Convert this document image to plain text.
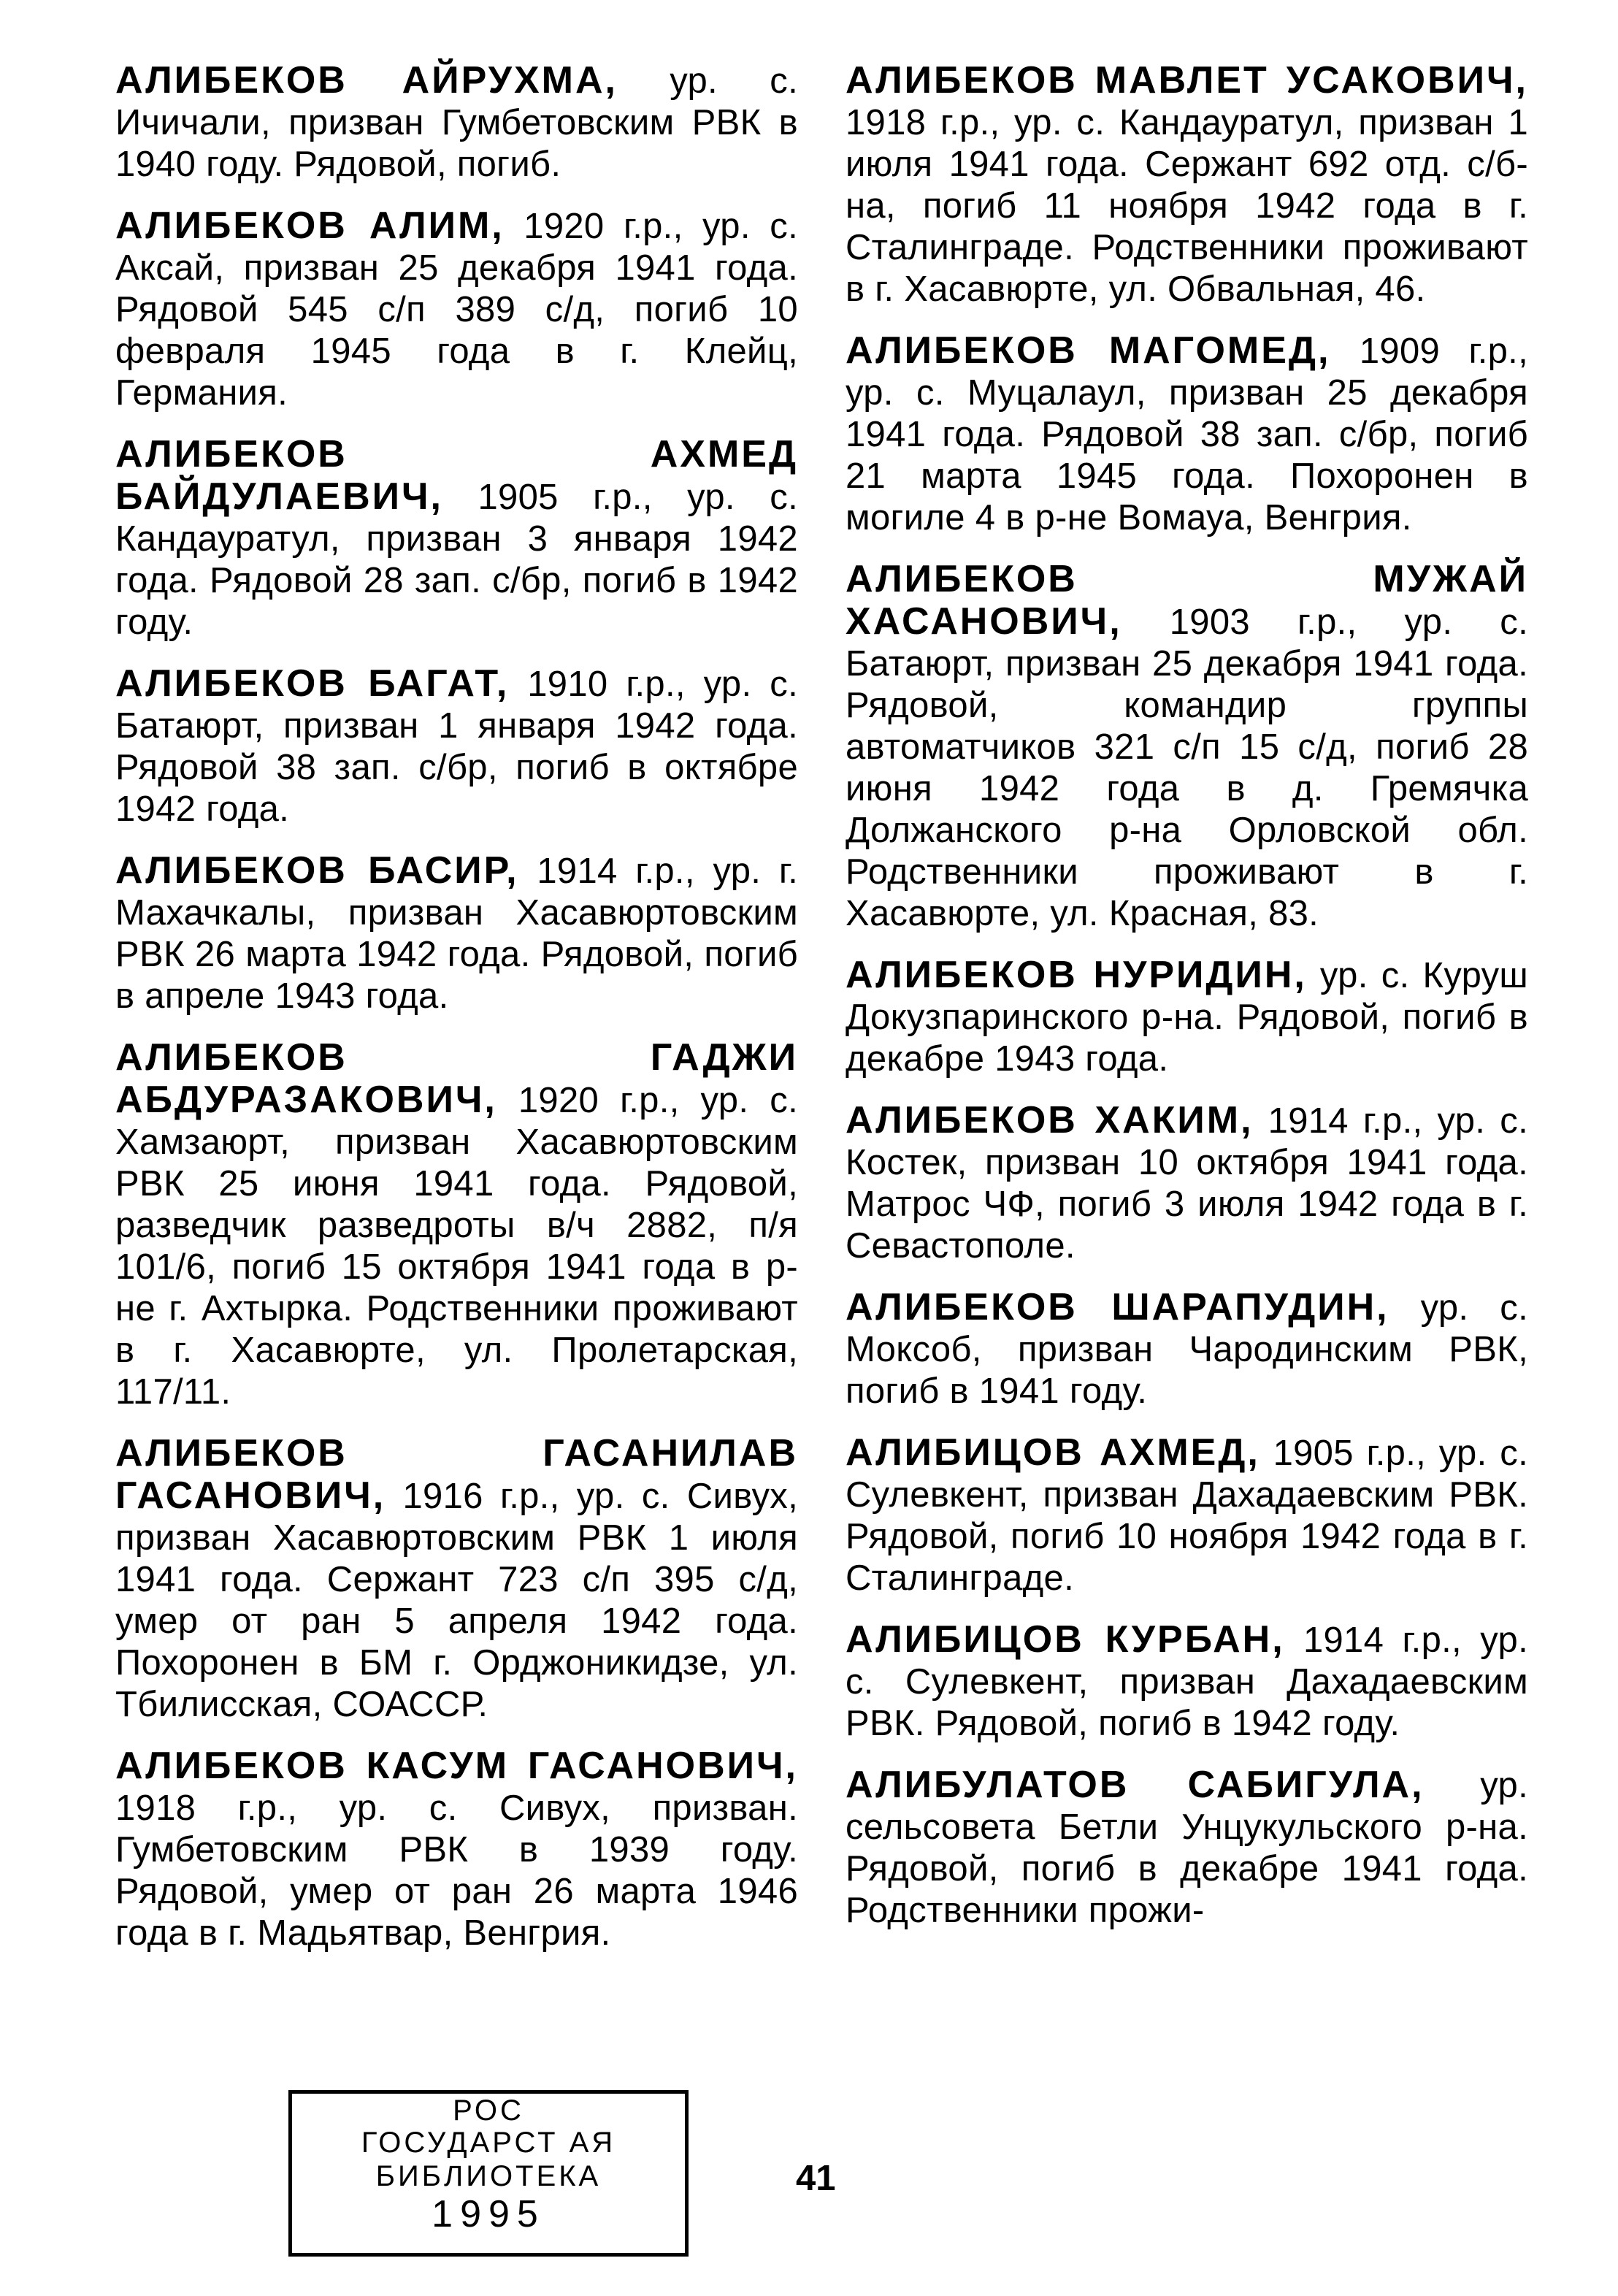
АЛИБЕКОВ АЙРУХМА, ур. с. Ичичали, призван Гумбетовским РВК в 1940 году. Рядовой, погиб.

АЛИБЕКОВ АЛИМ, 1920 г.р., ур. с. Аксай, призван 25 декабря 1941 года. Рядовой 545 с/п 389 с/д, погиб 10 февраля 1945 года в г. Клейц, Германия.

АЛИБЕКОВ АХМЕД БАЙДУЛАЕВИЧ, 1905 г.р., ур. с. Кандауратул, призван 3 января 1942 года. Рядовой 28 зап. с/бр, погиб в 1942 году.

АЛИБЕКОВ БАГАТ, 1910 г.р., ур. с. Батаюрт, призван 1 января 1942 года. Рядовой 38 зап. с/бр, погиб в октябре 1942 года.

АЛИБЕКОВ БАСИР, 1914 г.р., ур. г. Махачкалы, призван Хасавюртовским РВК 26 марта 1942 года. Рядовой, погиб в апреле 1943 года.

АЛИБЕКОВ ГАДЖИ АБДУРАЗАКОВИЧ, 1920 г.р., ур. с. Хамзаюрт, призван Хасавюртовским РВК 25 июня 1941 года. Рядовой, разведчик разведроты в/ч 2882, п/я 101/6, погиб 15 октября 1941 года в р-не г. Ахтырка. Родственники проживают в г. Хасавюрте, ул. Пролетарская, 117/11.

АЛИБЕКОВ ГАСАНИЛАВ ГАСАНОВИЧ, 1916 г.р., ур. с. Сивух, призван Хасавюртовским РВК 1 июля 1941 года. Сержант 723 с/п 395 с/д, умер от ран 5 апреля 1942 года. Похоронен в БМ г. Орджоникидзе, ул. Тбилисская, СОАССР.

АЛИБЕКОВ КАСУМ ГАСАНОВИЧ, 1918 г.р., ур. с. Сивух, призван. Гумбетовским РВК в 1939 году. Рядовой, умер от ран 26 марта 1946 года в г. Мадьятвар, Венгрия.

АЛИБЕКОВ МАВЛЕТ УСАКОВИЧ, 1918 г.р., ур. с. Кандауратул, призван 1 июля 1941 года. Сержант 692 отд. с/б-на, погиб 11 ноября 1942 года в г. Сталинграде. Родственники проживают в г. Хасавюрте, ул. Обвальная, 46.

АЛИБЕКОВ МАГОМЕД, 1909 г.р., ур. с. Муцалаул, призван 25 декабря 1941 года. Рядовой 38 зап. с/бр, погиб 21 марта 1945 года. Похоронен в могиле 4 в р-не Вомауа, Венгрия.

АЛИБЕКОВ МУЖАЙ ХАСАНОВИЧ, 1903 г.р., ур. с. Батаюрт, призван 25 декабря 1941 года. Рядовой, командир группы автоматчиков 321 с/п 15 с/д, погиб 28 июня 1942 года в д. Гремячка Должанского р-на Орловской обл. Родственники проживают в г. Хасавюрте, ул. Красная, 83.

АЛИБЕКОВ НУРИДИН, ур. с. Куруш Докузпаринского р-на. Рядовой, погиб в декабре 1943 года.

АЛИБЕКОВ ХАКИМ, 1914 г.р., ур. с. Костек, призван 10 октября 1941 года. Матрос ЧФ, погиб 3 июля 1942 года в г. Севастополе.

АЛИБЕКОВ ШАРАПУДИН, ур. с. Моксоб, призван Чародинским РВК, погиб в 1941 году.

АЛИБИЦОВ АХМЕД, 1905 г.р., ур. с. Сулевкент, призван Дахадаевским РВК. Рядовой, погиб 10 ноября 1942 года в г. Сталинграде.

АЛИБИЦОВ КУРБАН, 1914 г.р., ур. с. Сулевкент, призван Дахадаевским РВК. Рядовой, погиб в 1942 году.

АЛИБУЛАТОВ САБИГУЛА, ур. сельсовета Бетли Унцукульского р-на. Рядовой, погиб в декабре 1941 года. Родственники прожи-

РОС
ГОСУДАРСТ АЯ
БИБЛИОТЕКА
1995
41
